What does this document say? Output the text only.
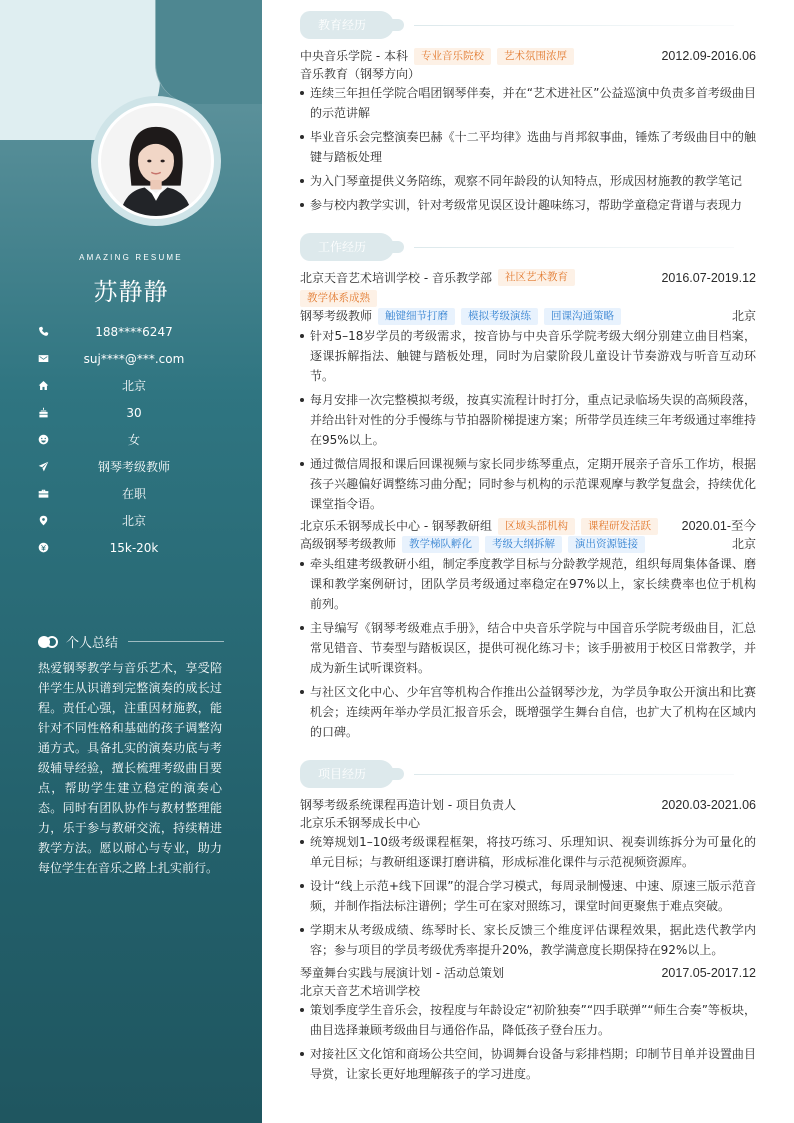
AMAZING RESUME
苏静静
188****6247
suj****@***.com
北京
30
女
钢琴考级教师
在职
北京
15k-20k
个人总结
热爱钢琴教学与音乐艺术，享受陪伴学生从识谱到完整演奏的成长过程。责任心强，注重因材施教，能针对不同性格和基础的孩子调整沟通方式。具备扎实的演奏功底与考级辅导经验，擅长梳理考级曲目要点，帮助学生建立稳定的演奏心态。同时有团队协作与教材整理能力，乐于参与教研交流，持续精进教学方法。愿以耐心与专业，助力每位学生在音乐之路上扎实前行。
教育经历
中央音乐学院 - 本科	专业音乐院校	艺术氛围浓厚	2012.09-2016.06
音乐教育（钢琴方向）
连续三年担任学院合唱团钢琴伴奏，并在“艺术进社区”公益巡演中负责多首考级曲目的示范讲解
毕业音乐会完整演奏巴赫《十二平均律》选曲与肖邦叙事曲，锤炼了考级曲目中的触键与踏板处理
为入门琴童提供义务陪练，观察不同年龄段的认知特点，形成因材施教的教学笔记
参与校内教学实训，针对考级常见误区设计趣味练习，帮助学童稳定背谱与表现力
工作经历
北京天音艺术培训学校 - 音乐教学部	社区艺术教育	2016.07-2019.12
教学体系成熟
钢琴考级教师	触键细节打磨	模拟考级演练	回课沟通策略	北京
针对5–18岁学员的考级需求，按音协与中央音乐学院考级大纲分别建立曲目档案，逐课拆解指法、触键与踏板处理，同时为启蒙阶段儿童设计节奏游戏与听音互动环节。
每月安排一次完整模拟考级，按真实流程计时打分，重点记录临场失误的高频段落，并给出针对性的分手慢练与节拍器阶梯提速方案；所带学员连续三年考级通过率维持在95%以上。
通过微信周报和课后回课视频与家长同步练琴重点，定期开展亲子音乐工作坊，根据孩子兴趣偏好调整练习曲分配；同时参与机构的示范课观摩与教学复盘会，持续优化课堂指令语。
北京乐禾钢琴成长中心 - 钢琴教研组	区域头部机构	课程研发活跃	2020.01-至今
高级钢琴考级教师	教学梯队孵化	考级大纲拆解	演出资源链接	北京
牵头组建考级教研小组，制定季度教学目标与分龄教学规范，组织每周集体备课、磨课和教学案例研讨，团队学员考级通过率稳定在97%以上，家长续费率也位于机构前列。
主导编写《钢琴考级难点手册》，结合中央音乐学院与中国音乐学院考级曲目，汇总常见错音、节奏型与踏板误区，提供可视化练习卡；该手册被用于校区日常教学，并成为新生试听课资料。
与社区文化中心、少年宫等机构合作推出公益钢琴沙龙，为学员争取公开演出和比赛机会；连续两年举办学员汇报音乐会，既增强学生舞台自信，也扩大了机构在区域内的口碑。
项目经历
钢琴考级系统课程再造计划 - 项目负责人	2020.03-2021.06
北京乐禾钢琴成长中心
统筹规划1–10级考级课程框架，将技巧练习、乐理知识、视奏训练拆分为可量化的单元目标；与教研组逐课打磨讲稿，形成标准化课件与示范视频资源库。
设计“线上示范+线下回课”的混合学习模式，每周录制慢速、中速、原速三版示范音频，并制作指法标注谱例；学生可在家对照练习，课堂时间更聚焦于难点突破。
学期末从考级成绩、练琴时长、家长反馈三个维度评估课程效果，据此迭代教学内容；参与项目的学员考级优秀率提升20%，教学满意度长期保持在92%以上。
琴童舞台实践与展演计划 - 活动总策划	2017.05-2017.12
北京天音艺术培训学校
策划季度学生音乐会，按程度与年龄设定“初阶独奏”“四手联弹”“师生合奏”等板块，曲目选择兼顾考级曲目与通俗作品，降低孩子登台压力。
对接社区文化馆和商场公共空间，协调舞台设备与彩排档期；印制节目单并设置曲目导赏，让家长更好地理解孩子的学习进度。
